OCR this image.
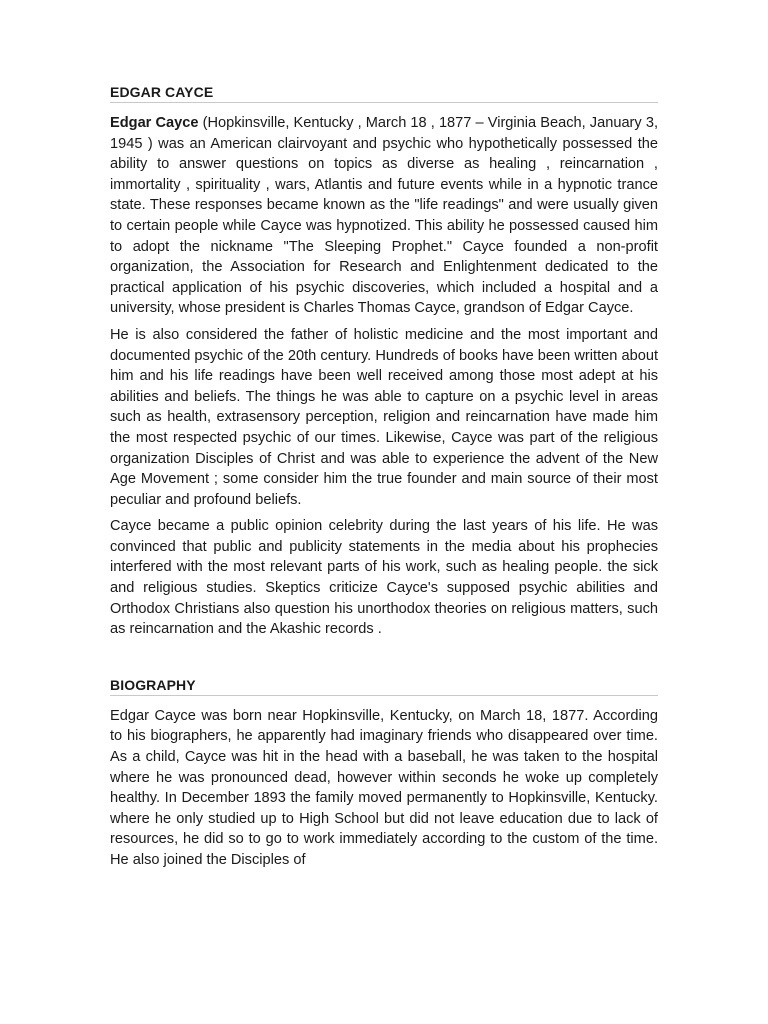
EDGAR CAYCE

Edgar Cayce (Hopkinsville, Kentucky , March 18 , 1877 – Virginia Beach, January 3, 1945 ) was an American clairvoyant and psychic who hypothetically possessed the ability to answer questions on topics as diverse as healing , reincarnation , immortality , spirituality , wars, Atlantis and future events while in a hypnotic trance state. These responses became known as the "life readings" and were usually given to certain people while Cayce was hypnotized. This ability he possessed caused him to adopt the nickname "The Sleeping Prophet." Cayce founded a non-profit organization, the Association for Research and Enlightenment dedicated to the practical application of his psychic discoveries, which included a hospital and a university, whose president is Charles Thomas Cayce, grandson of Edgar Cayce.

He is also considered the father of holistic medicine and the most important and documented psychic of the 20th century. Hundreds of books have been written about him and his life readings have been well received among those most adept at his abilities and beliefs. The things he was able to capture on a psychic level in areas such as health, extrasensory perception, religion and reincarnation have made him the most respected psychic of our times. Likewise, Cayce was part of the religious organization Disciples of Christ and was able to experience the advent of the New Age Movement ; some consider him the true founder and main source of their most peculiar and profound beliefs.

Cayce became a public opinion celebrity during the last years of his life. He was convinced that public and publicity statements in the media about his prophecies interfered with the most relevant parts of his work, such as healing people. the sick and religious studies. Skeptics criticize Cayce's supposed psychic abilities and Orthodox Christians also question his unorthodox theories on religious matters, such as reincarnation and the Akashic records .

BIOGRAPHY

Edgar Cayce was born near Hopkinsville, Kentucky, on March 18, 1877. According to his biographers, he apparently had imaginary friends who disappeared over time. As a child, Cayce was hit in the head with a baseball, he was taken to the hospital where he was pronounced dead, however within seconds he woke up completely healthy. In December 1893 the family moved permanently to Hopkinsville, Kentucky. where he only studied up to High School but did not leave education due to lack of resources, he did so to go to work immediately according to the custom of the time. He also joined the Disciples of
